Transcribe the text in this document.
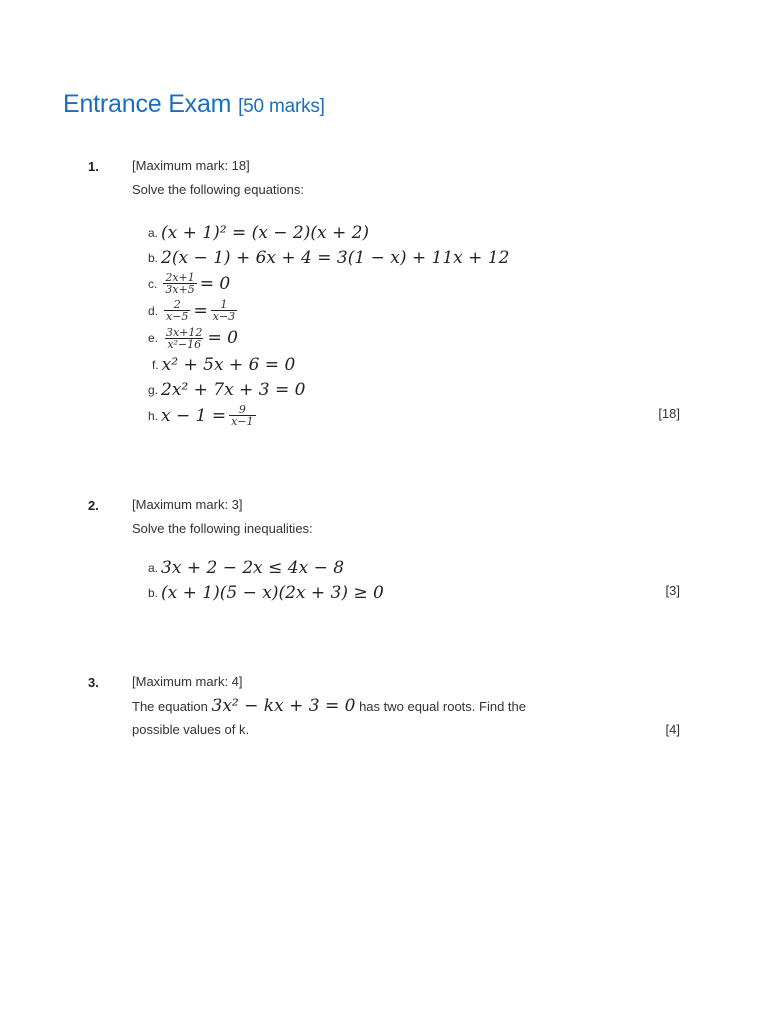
Entrance Exam [50 marks]
1.	[Maximum mark: 18]
Solve the following equations:
a. (x + 1)² = (x − 2)(x + 2)
b. 2(x − 1) + 6x + 4 = 3(1 − x) + 11x + 12
c. $\frac{2x+1}{3x+5} = 0$
d. $\frac{2}{x-5} = \frac{1}{x-3}$
e. $\frac{3x+12}{\text{x²−16}} = 0$
f. x² + 5x + 6 = 0
g. 2x² + 7x + 3 = 0
h. $x - 1 = \frac{9}{x-1}$	[18]
2.	[Maximum mark: 3]
Solve the following inequalities:
a. 3x + 2 − 2x ≤ 4x − 8
b. (x + 1)(5 − x)(2x + 3) ≥ 0	[3]
3.	[Maximum mark: 4]
The equation 3x² − kx + 3 = 0 has two equal roots. Find the
possible values of k.	[4]
